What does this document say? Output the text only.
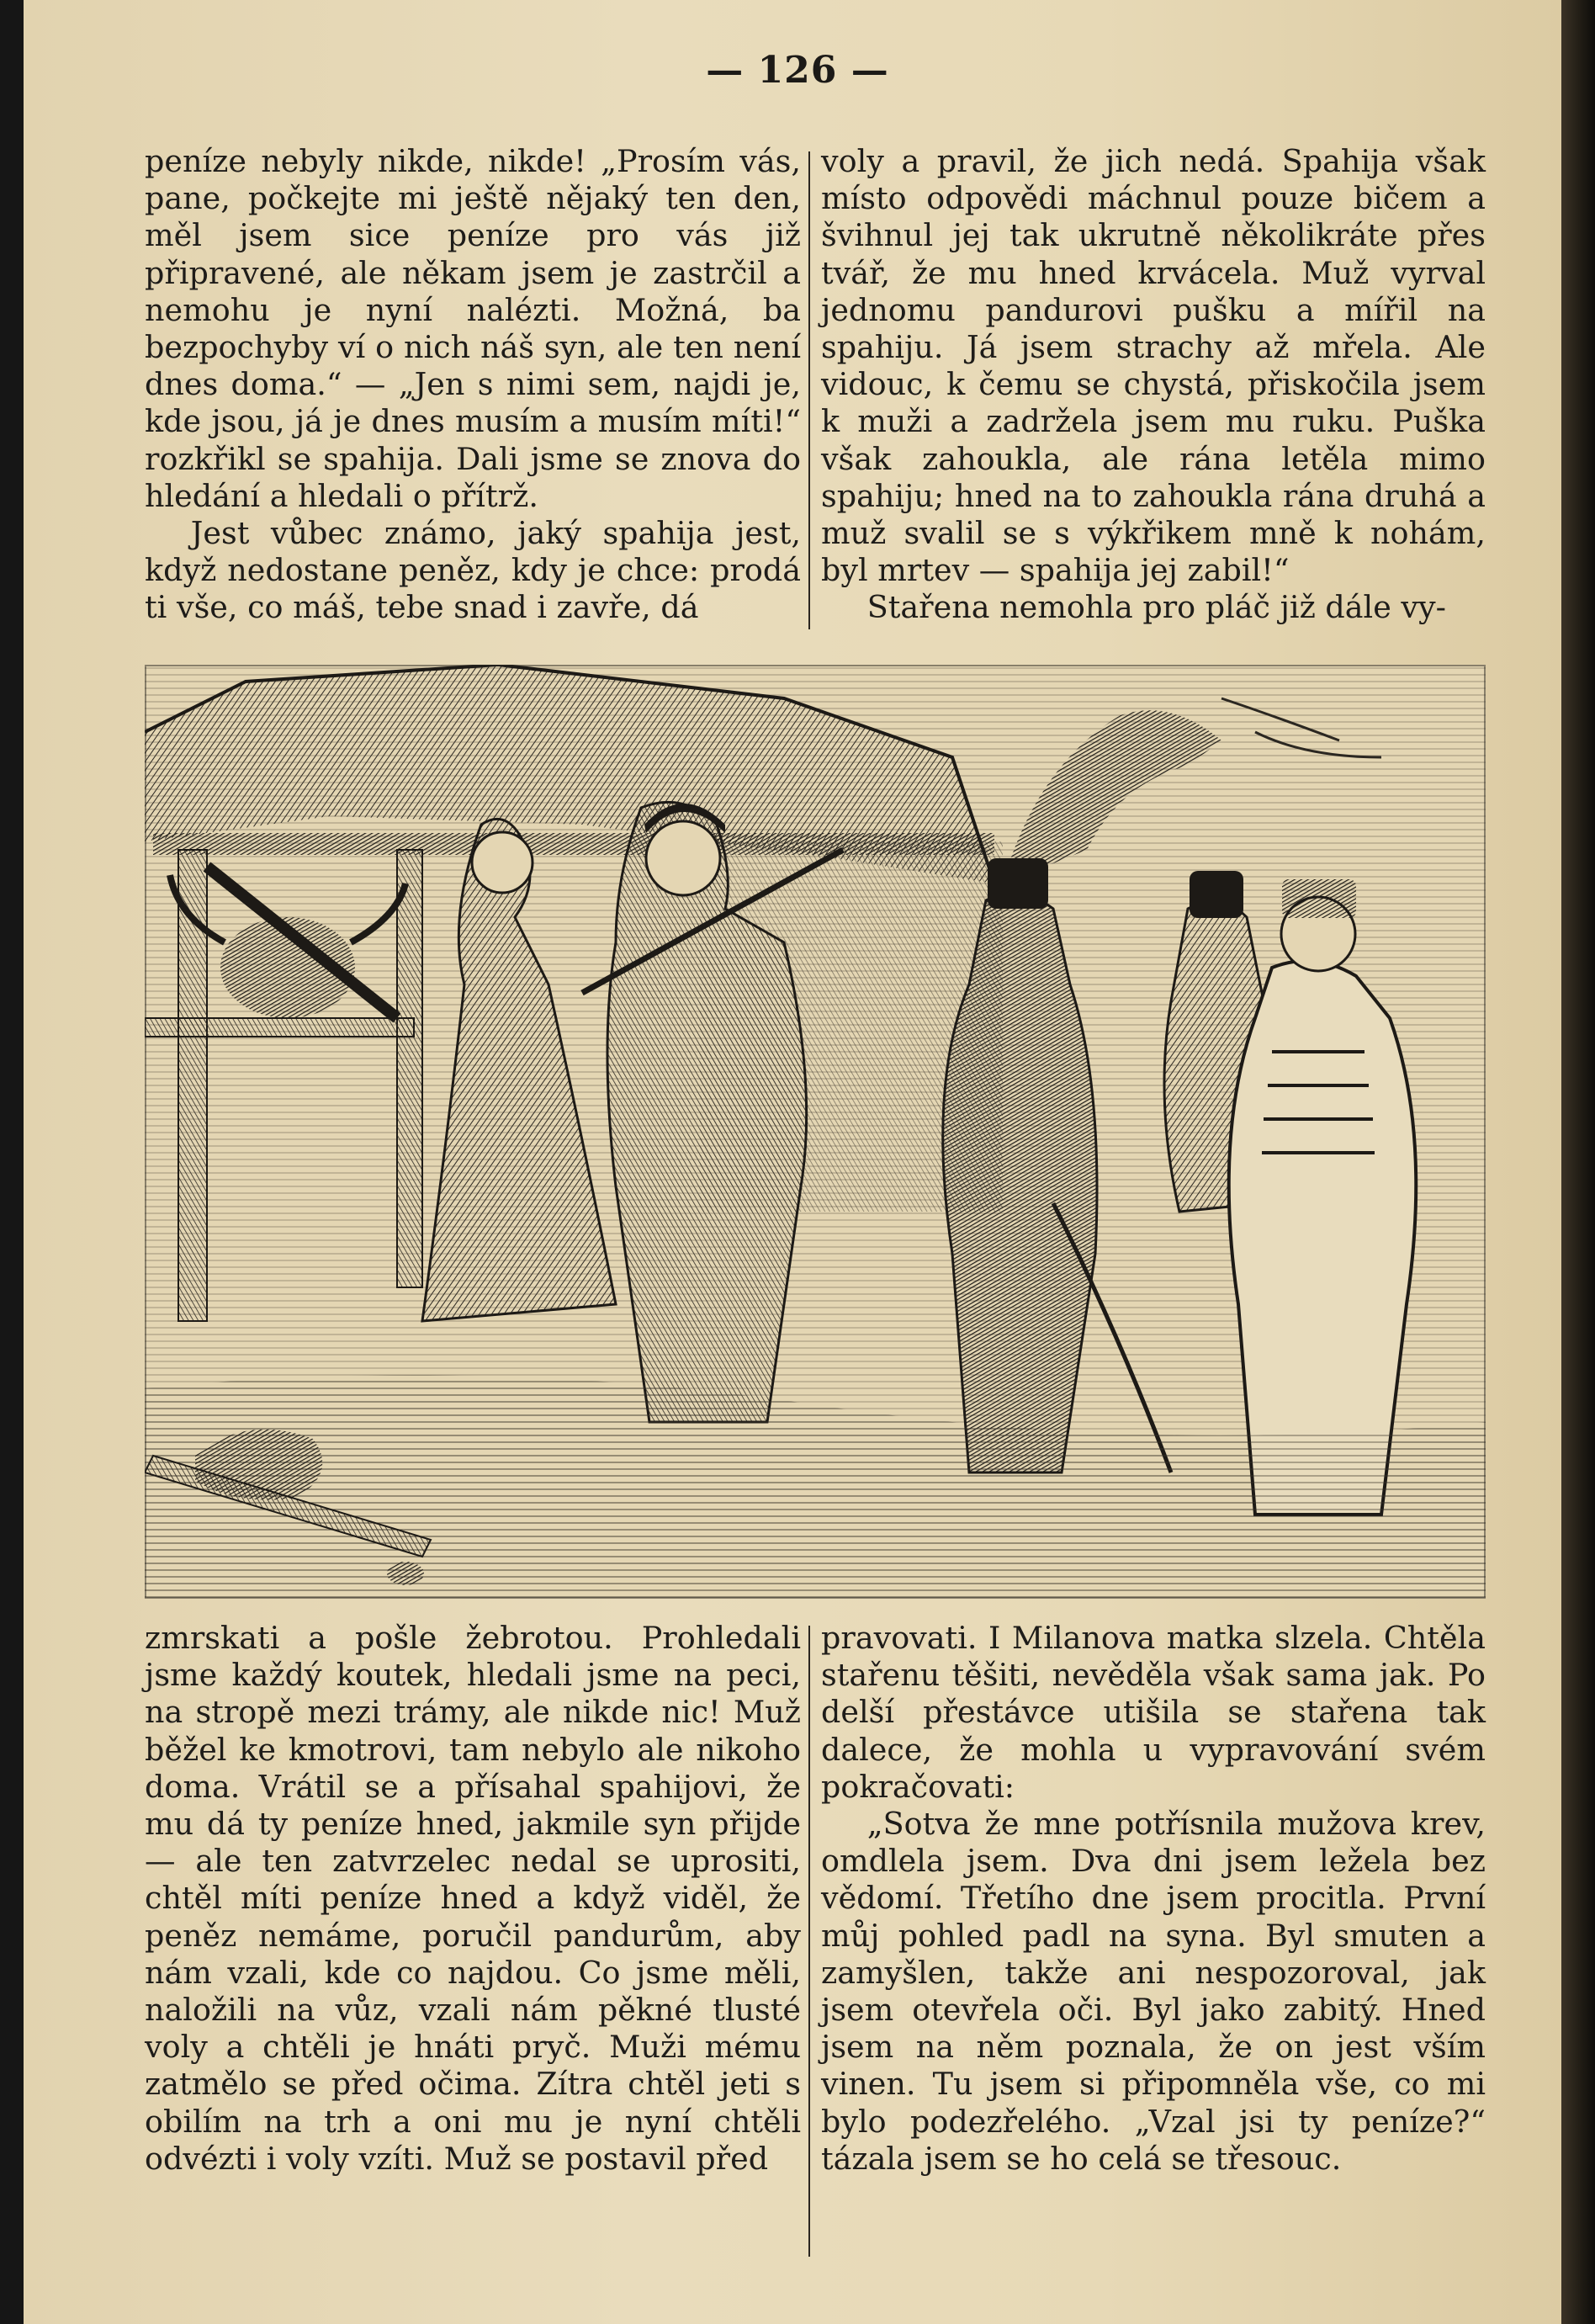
— 126 —

peníze nebyly nikde, nikde! „Prosím vás, pane, počkejte mi ještě nějaký ten den, měl jsem sice peníze pro vás již připravené, ale někam jsem je zastrčil a nemohu je nyní nalézti. Možná, ba bezpochyby ví o nich náš syn, ale ten není dnes doma.“ — „Jen s nimi sem, najdi je, kde jsou, já je dnes musím a musím míti!“ rozkřikl se spahija. Dali jsme se znova do hledání a hledali o přítrž.

Jest vůbec známo, jaký spahija jest, když nedostane peněz, kdy je chce: prodá ti vše, co máš, tebe snad i zavře, dá

voly a pravil, že jich nedá. Spahija však místo odpovědi máchnul pouze bičem a švihnul jej tak ukrutně několikráte přes tvář, že mu hned krvácela. Muž vyrval jednomu pandurovi pušku a mířil na spahiju. Já jsem strachy až mřela. Ale vidouc, k čemu se chystá, přiskočila jsem k muži a zadržela jsem mu ruku. Puška však zahoukla, ale rána letěla mimo spahiju; hned na to zahoukla rána druhá a muž svalil se s výkřikem mně k nohám, byl mrtev — spahija jej zabil!“

Stařena nemohla pro pláč již dále vy-

zmrskati a pošle žebrotou. Prohledali jsme každý koutek, hledali jsme na peci, na stropě mezi trámy, ale nikde nic! Muž běžel ke kmotrovi, tam nebylo ale nikoho doma. Vrátil se a přísahal spahijovi, že mu dá ty peníze hned, jakmile syn přijde — ale ten zatvrzelec nedal se uprositi, chtěl míti peníze hned a když viděl, že peněz nemáme, poručil pandurům, aby nám vzali, kde co najdou. Co jsme měli, naložili na vůz, vzali nám pěkné tlusté voly a chtěli je hnáti pryč. Muži mému zatmělo se před očima. Zítra chtěl jeti s obilím na trh a oni mu je nyní chtěli odvézti i voly vzíti. Muž se postavil před

pravovati. I Milanova matka slzela. Chtěla stařenu těšiti, nevěděla však sama jak. Po delší přestávce utišila se stařena tak dalece, že mohla u vypravování svém pokračovati:

„Sotva že mne potřísnila mužova krev, omdlela jsem. Dva dni jsem ležela bez vědomí. Třetího dne jsem procitla. První můj pohled padl na syna. Byl smuten a zamyšlen, takže ani nespozoroval, jak jsem otevřela oči. Byl jako zabitý. Hned jsem na něm poznala, že on jest vším vinen. Tu jsem si připomněla vše, co mi bylo podezřelého. „Vzal jsi ty peníze?“ tázala jsem se ho celá se třesouc.
